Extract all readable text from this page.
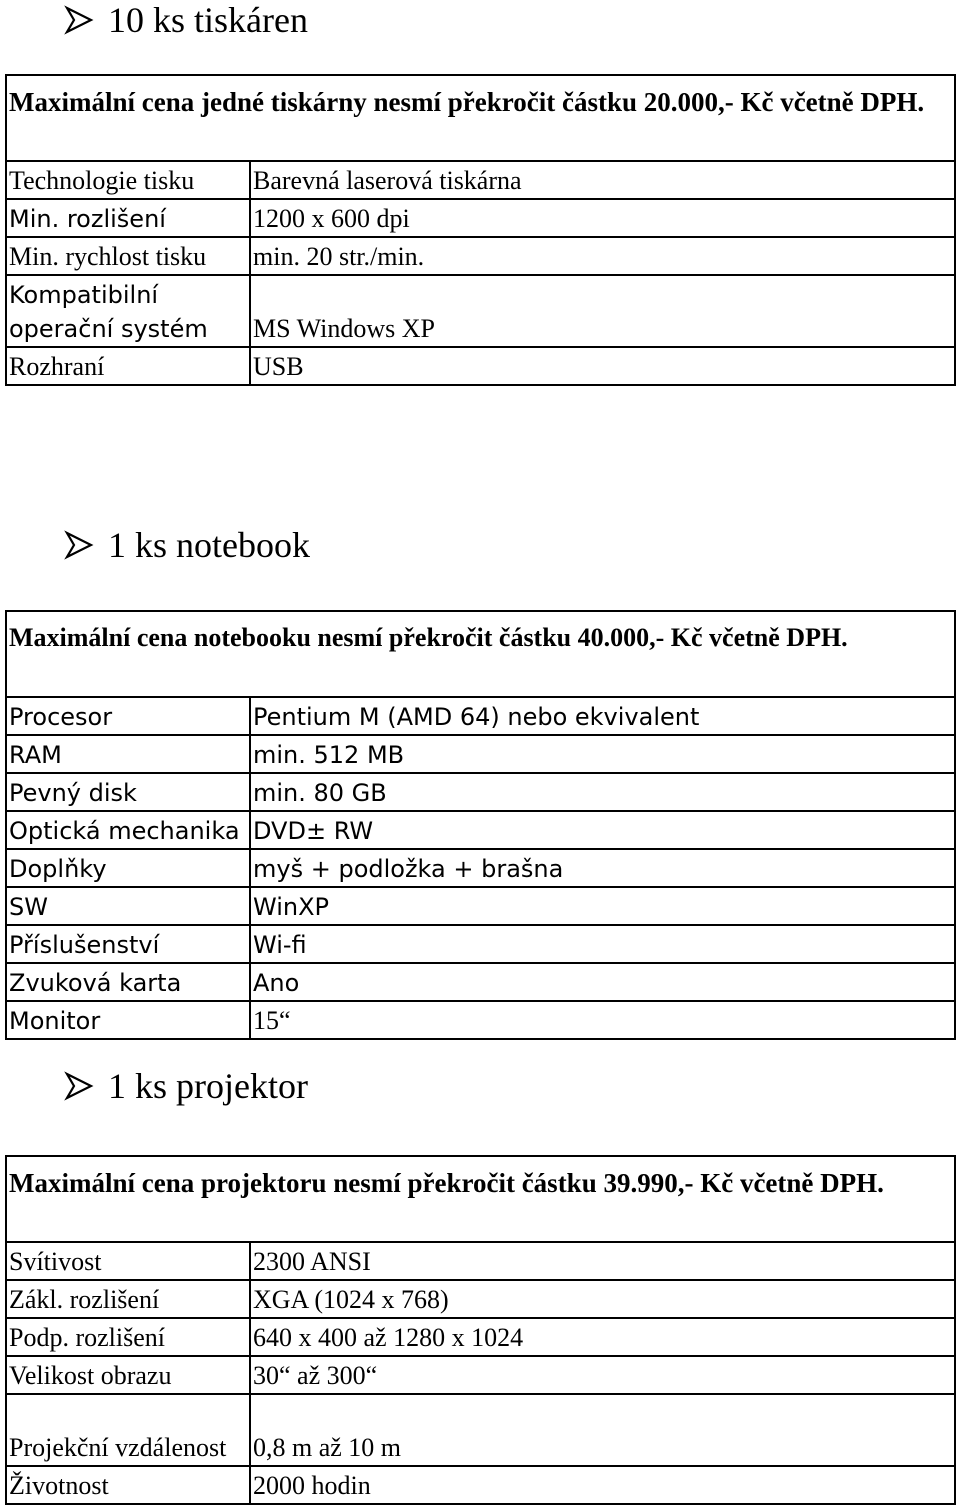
10 ks tiskáren
Maximální cena jedné tiskárny nesmí překročit částku 20.000,- Kč včetně DPH.	
Technologie tisku	Barevná laserová tiskárna
Min. rozlišení	1200 x 600 dpi
Min. rychlost tisku	min. 20 str./min.
Kompatibilní operační systém	MS Windows XP
Rozhraní	USB
1 ks notebook
Maximální cena notebooku nesmí překročit částku 40.000,- Kč včetně DPH.	
Procesor	Pentium M (AMD 64) nebo ekvivalent
RAM	min. 512 MB
Pevný disk	min. 80 GB
Optická mechanika	DVD± RW
Doplňky	myš + podložka + brašna
SW	WinXP
Příslušenství	Wi-fi
Zvuková karta	Ano
Monitor	15“
1 ks projektor
Maximální cena projektoru nesmí překročit částku 39.990,- Kč včetně DPH.	
Svítivost	2300 ANSI
Zákl. rozlišení	XGA (1024 x 768)
Podp. rozlišení	640 x 400 až 1280 x 1024
Velikost obrazu	30“ až 300“
Projekční vzdálenost	0,8 m až 10 m
Životnost	2000 hodin
